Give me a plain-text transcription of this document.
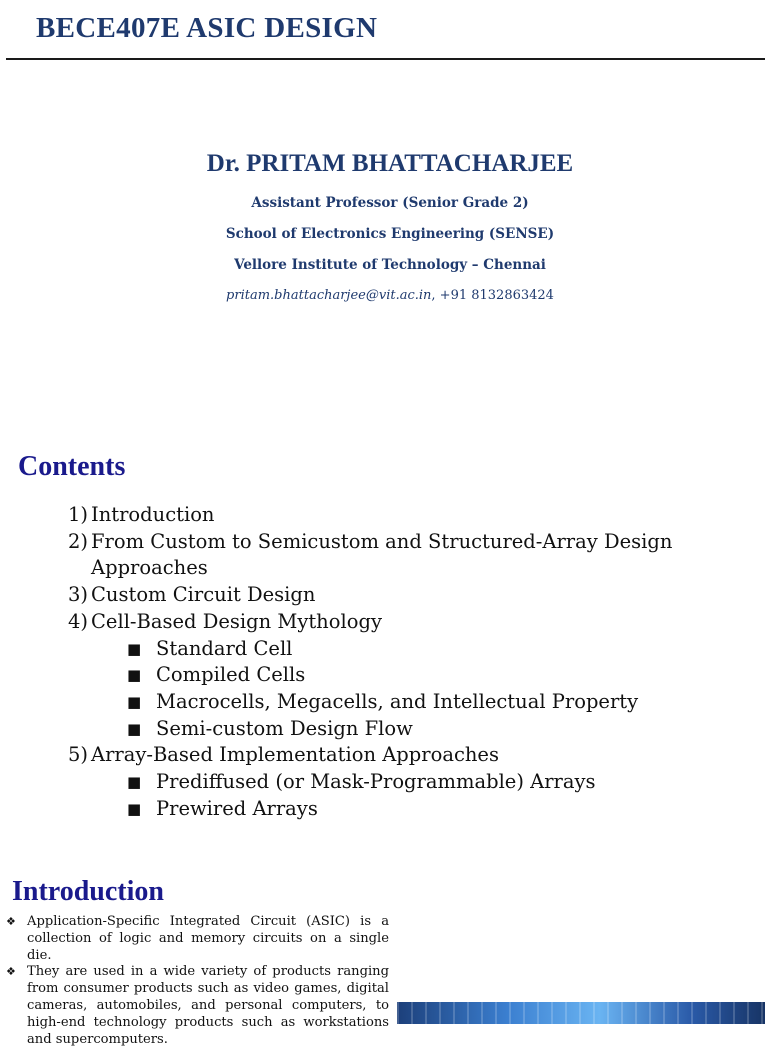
BECE407E ASIC DESIGN
Dr. PRITAM BHATTACHARJEE
Assistant Professor (Senior Grade 2)
School of Electronics Engineering (SENSE)
Vellore Institute of Technology – Chennai
pritam.bhattacharjee@vit.ac.in, +91 8132863424
Contents
1) Introduction
2) From Custom to Semicustom and Structured-Array Design Approaches
3) Custom Circuit Design
4) Cell-Based Design Mythology
■ Standard Cell
■ Compiled Cells
■ Macrocells, Megacells, and Intellectual Property
■ Semi-custom Design Flow
5) Array-Based Implementation Approaches
■ Prediffused (or Mask-Programmable) Arrays
■ Prewired Arrays
Introduction
❖ Application-Specific Integrated Circuit (ASIC) is a collection of logic and memory circuits on a single die.
❖ They are used in a wide variety of products ranging from consumer products such as video games, digital cameras, automobiles, and personal computers, to high-end technology products such as workstations and supercomputers.
